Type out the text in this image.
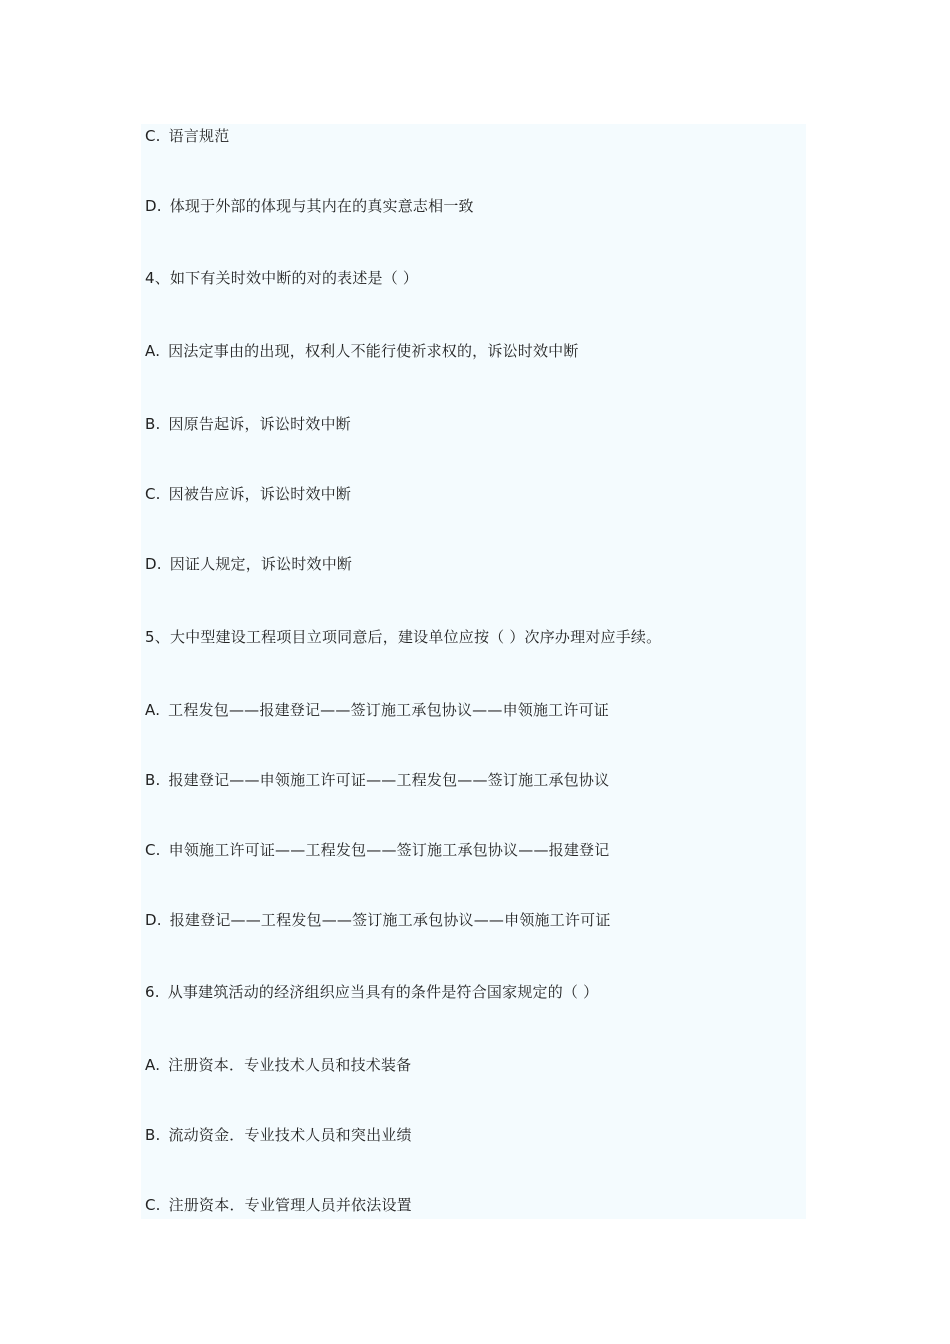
C. 语言规范
D. 体现于外部的体现与其内在的真实意志相一致
4、如下有关时效中断的对的表述是（ ）
A. 因法定事由的出现，权利人不能行使祈求权的，诉讼时效中断
B. 因原告起诉，诉讼时效中断
C. 因被告应诉，诉讼时效中断
D. 因证人规定，诉讼时效中断
5、大中型建设工程项目立项同意后，建设单位应按（ ）次序办理对应手续。
A. 工程发包——报建登记——签订施工承包协议——申领施工许可证
B. 报建登记——申领施工许可证——工程发包——签订施工承包协议
C. 申领施工许可证——工程发包——签订施工承包协议——报建登记
D. 报建登记——工程发包——签订施工承包协议——申领施工许可证
6. 从事建筑活动的经济组织应当具有的条件是符合国家规定的（ ）
A. 注册资本．专业技术人员和技术装备
B. 流动资金．专业技术人员和突出业绩
C. 注册资本．专业管理人员并依法设置
